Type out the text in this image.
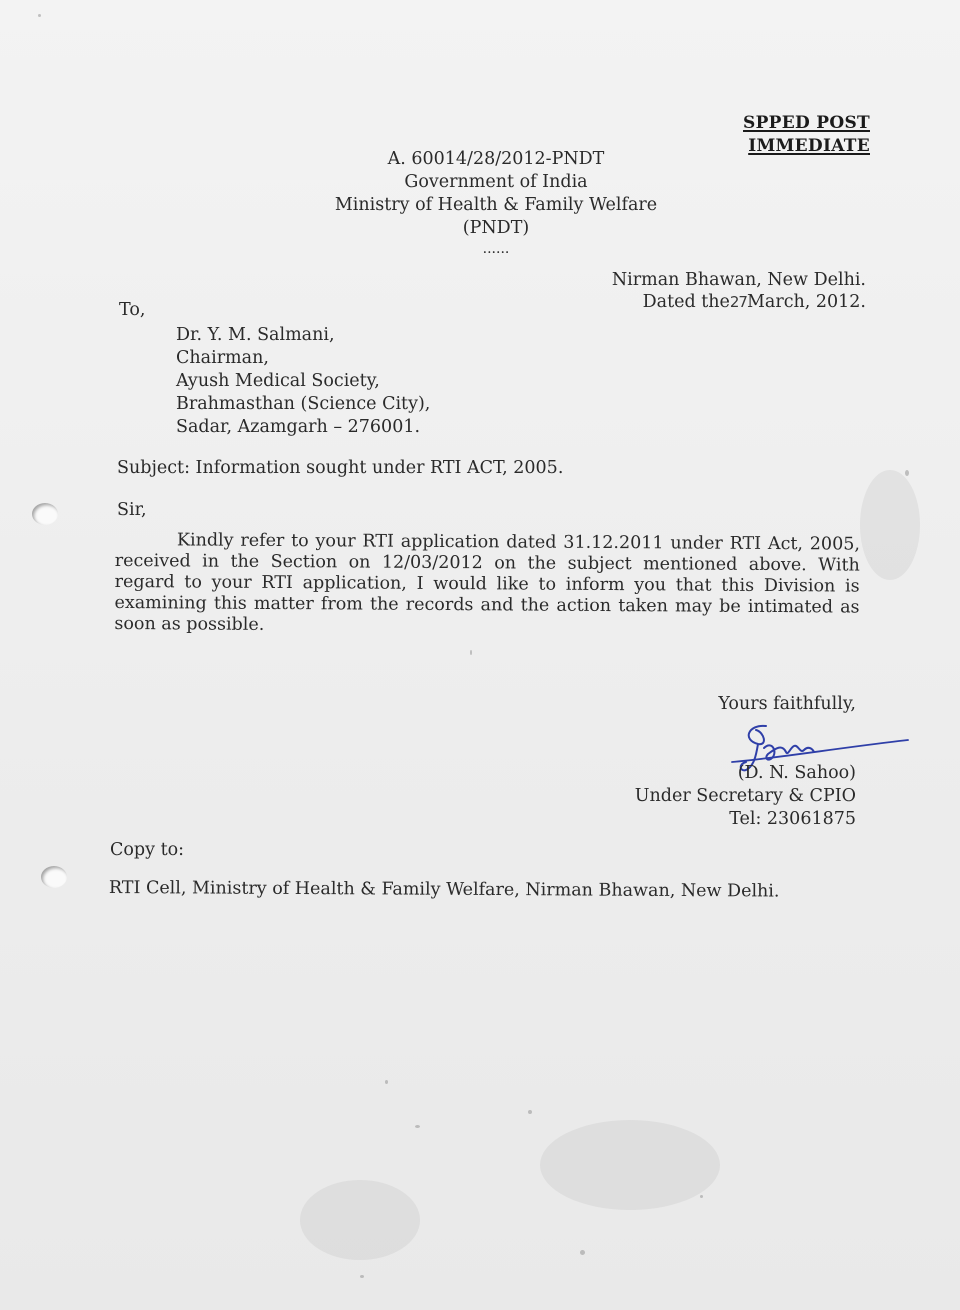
SPPED POST
IMMEDIATE
A. 60014/28/2012-PNDT
Government of India
Ministry of Health & Family Welfare
(PNDT)
......
Nirman Bhawan, New Delhi.
Dated the27March, 2012.
To,
Dr. Y. M. Salmani,
Chairman,
Ayush Medical Society,
Brahmasthan (Science City),
Sadar, Azamgarh – 276001.
Subject: Information sought under RTI ACT, 2005.
Sir,
Kindly refer to your RTI application dated 31.12.2011 under RTI Act, 2005, received in the Section on 12/03/2012 on the subject mentioned above. With regard to your RTI application, I would like to inform you that this Division is examining this matter from the records and the action taken may be intimated as soon as possible.
Yours faithfully,
(D. N. Sahoo)
Under Secretary & CPIO
Tel: 23061875
Copy to:
RTI Cell, Ministry of Health & Family Welfare, Nirman Bhawan, New Delhi.
